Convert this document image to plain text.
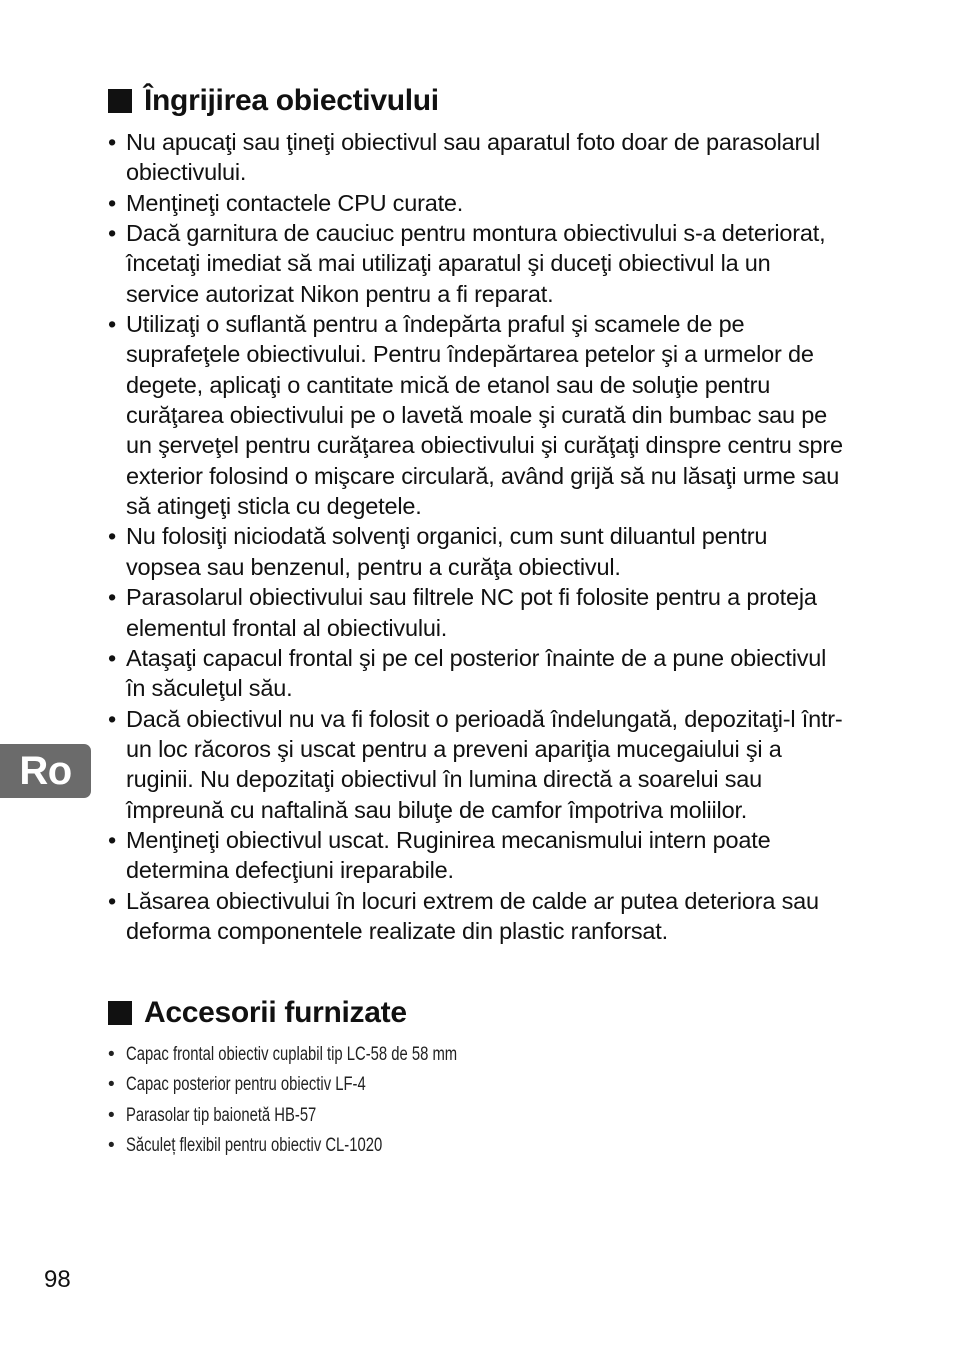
Îngrijirea obiectivului
• Nu apucaţi sau ţineţi obiectivul sau aparatul foto doar de parasolarul obiectivului.
• Menţineţi contactele CPU curate.
• Dacă garnitura de cauciuc pentru montura obiectivului s-a deteriorat, încetaţi imediat să mai utilizaţi aparatul şi duceţi obiectivul la un service autorizat Nikon pentru a fi reparat.
• Utilizaţi o suflantă pentru a îndepărta praful şi scamele de pe suprafeţele obiectivului. Pentru îndepărtarea petelor şi a urmelor de degete, aplicaţi o cantitate mică de etanol sau de soluţie pentru curăţarea obiectivului pe o lavetă moale şi curată din bumbac sau pe un şerveţel pentru curăţarea obiectivului şi curăţaţi dinspre centru spre exterior folosind o mişcare circulară, având grijă să nu lăsaţi urme sau să atingeţi sticla cu degetele.
• Nu folosiţi niciodată solvenţi organici, cum sunt diluantul pentru vopsea sau benzenul, pentru a curăţa obiectivul.
• Parasolarul obiectivului sau filtrele NC pot fi folosite pentru a proteja elementul frontal al obiectivului.
• Ataşaţi capacul frontal şi pe cel posterior înainte de a pune obiectivul în săculeţul său.
• Dacă obiectivul nu va fi folosit o perioadă îndelungată, depozitaţi-l într-un loc răcoros şi uscat pentru a preveni apariţia mucegaiului şi a ruginii. Nu depozitaţi obiectivul în lumina directă a soarelui sau împreună cu naftalină sau biluţe de camfor împotriva moliilor.
• Menţineţi obiectivul uscat. Ruginirea mecanismului intern poate determina defecţiuni ireparabile.
• Lăsarea obiectivului în locuri extrem de calde ar putea deteriora sau deforma componentele realizate din plastic ranforsat.
Accesorii furnizate
• Capac frontal obiectiv cuplabil tip LC-58 de 58 mm
• Capac posterior pentru obiectiv LF-4
• Parasolar tip baionetă HB-57
• Săculeț flexibil pentru obiectiv CL-1020
Ro
98
